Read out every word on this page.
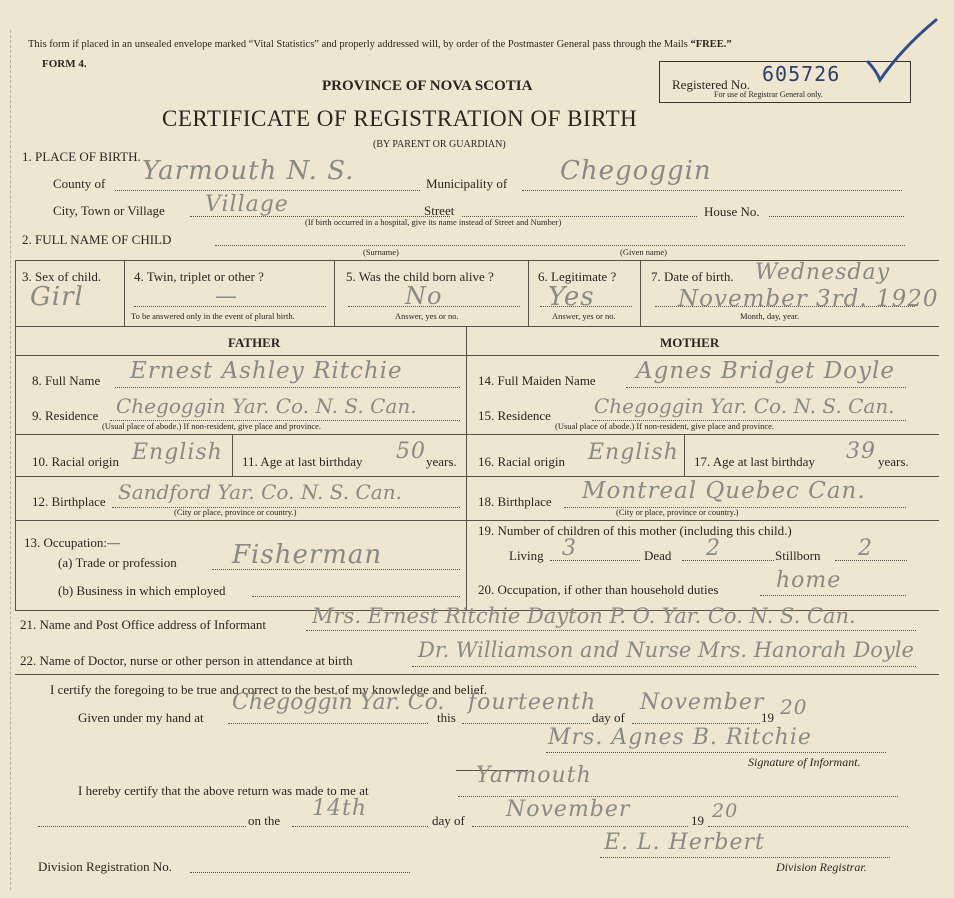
This form if placed in an unsealed envelope marked “Vital Statistics” and properly addressed will, by order of the Postmaster General pass through the Mails “FREE.”
FORM 4.
PROVINCE OF NOVA SCOTIA
CERTIFICATE OF REGISTRATION OF BIRTH
(BY PARENT OR GUARDIAN)
Registered No. 605726
For use of Registrar General only.
1. PLACE OF BIRTH.
County of Yarmouth N. S.	Municipality of Chegoggin
City, Town or Village Village	Street	House No.
(If birth occurred in a hospital, give its name instead of Street and Number)
2. FULL NAME OF CHILD
(Surname)	(Given name)
3. Sex of child.
Girl
4. Twin, triplet or other ?
—
To be answered only in the event of plural birth.
5. Was the child born alive ?
No
Answer, yes or no.
6. Legitimate ?
Yes
Answer, yes or no.
7. Date of birth. Wednesday
November 3rd. 1920
Month, day, year.
FATHER	MOTHER
8. Full Name Ernest Ashley Ritchie
9. Residence Chegoggin Yar. Co. N. S. Can.
(Usual place of abode.) If non-resident, give place and province.
10. Racial origin English 11. Age at last birthday 50 years.
12. Birthplace Sandford Yar. Co. N. S. Can.
(City or place, province or country.)
13. Occupation:—
(a) Trade or profession Fisherman
(b) Business in which employed
14. Full Maiden Name Agnes Bridget Doyle
15. Residence Chegoggin Yar. Co. N. S. Can.
(Usual place of abode.) If non-resident, give place and province.
16. Racial origin English 17. Age at last birthday 39 years.
18. Birthplace Montreal Quebec Can.
(City or place, province or country.)
19. Number of children of this mother (including this child.)
Living 3	Dead 2	Stillborn 2
20. Occupation, if other than household duties	home
21. Name and Post Office address of Informant Mrs. Ernest Ritchie Dayton P. O. Yar. Co. N. S. Can.
22. Name of Doctor, nurse or other person in attendance at birth	Dr. Williamson and Nurse Mrs. Hanorah Doyle
I certify the foregoing to be true and correct to the best of my knowledge and belief.
Given under my hand at
Chegoggin Yar. Co.
this
fourteenth
day of
November
19 20
Mrs. Agnes B. Ritchie
Signature of Informant.
I hereby certify that the above return was made to me at
Yarmouth
on the 14th	day of November	19 20
Division Registration No.
E. L. Herbert
Division Registrar.
